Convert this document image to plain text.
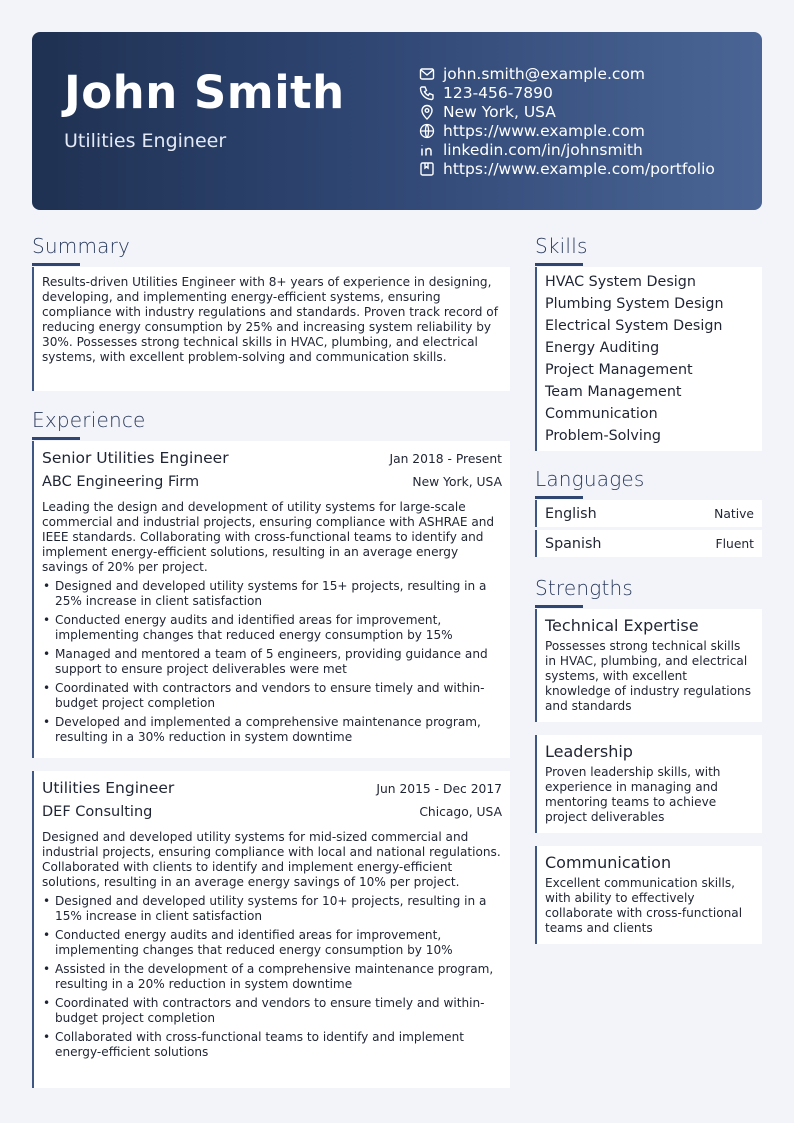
John Smith
Utilities Engineer
john.smith@example.com
123-456-7890
New York, USA
https://www.example.com
linkedin.com/in/johnsmith
https://www.example.com/portfolio
Summary
Results-driven Utilities Engineer with 8+ years of experience in designing, developing, and implementing energy-efficient systems, ensuring compliance with industry regulations and standards. Proven track record of reducing energy consumption by 25% and increasing system reliability by 30%. Possesses strong technical skills in HVAC, plumbing, and electrical systems, with excellent problem-solving and communication skills.
Experience
Senior Utilities Engineer	Jan 2018 - Present
ABC Engineering Firm	New York, USA
Leading the design and development of utility systems for large-scale commercial and industrial projects, ensuring compliance with ASHRAE and IEEE standards. Collaborating with cross-functional teams to identify and implement energy-efficient solutions, resulting in an average energy savings of 20% per project.
• Designed and developed utility systems for 15+ projects, resulting in a 25% increase in client satisfaction
• Conducted energy audits and identified areas for improvement, implementing changes that reduced energy consumption by 15%
• Managed and mentored a team of 5 engineers, providing guidance and support to ensure project deliverables were met
• Coordinated with contractors and vendors to ensure timely and within-budget project completion
• Developed and implemented a comprehensive maintenance program, resulting in a 30% reduction in system downtime
Utilities Engineer	Jun 2015 - Dec 2017
DEF Consulting	Chicago, USA
Designed and developed utility systems for mid-sized commercial and industrial projects, ensuring compliance with local and national regulations. Collaborated with clients to identify and implement energy-efficient solutions, resulting in an average energy savings of 10% per project.
• Designed and developed utility systems for 10+ projects, resulting in a 15% increase in client satisfaction
• Conducted energy audits and identified areas for improvement, implementing changes that reduced energy consumption by 10%
• Assisted in the development of a comprehensive maintenance program, resulting in a 20% reduction in system downtime
• Coordinated with contractors and vendors to ensure timely and within-budget project completion
• Collaborated with cross-functional teams to identify and implement energy-efficient solutions
Skills
HVAC System Design
Plumbing System Design
Electrical System Design
Energy Auditing
Project Management
Team Management
Communication
Problem-Solving
Languages
English	Native
Spanish	Fluent
Strengths
Technical Expertise
Possesses strong technical skills in HVAC, plumbing, and electrical systems, with excellent knowledge of industry regulations and standards
Leadership
Proven leadership skills, with experience in managing and mentoring teams to achieve project deliverables
Communication
Excellent communication skills, with ability to effectively collaborate with cross-functional teams and clients
